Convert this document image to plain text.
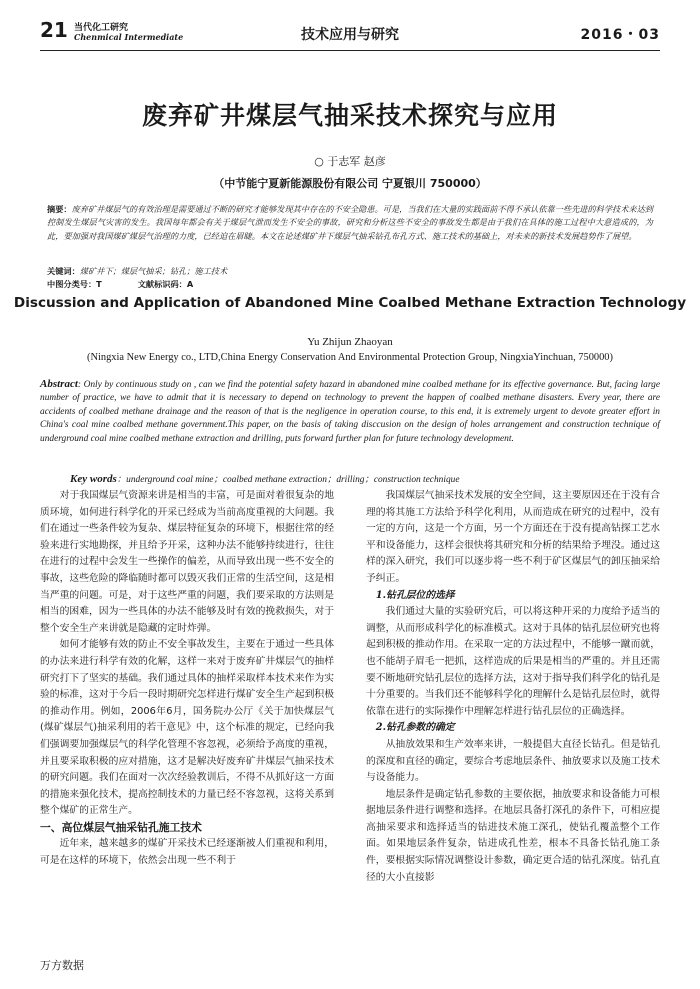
21 当代化工研究
Chenmical Intermediate	技术应用与研究	2016・03
废弃矿井煤层气抽采技术探究与应用
○ 于志军 赵彦
（中节能宁夏新能源股份有限公司 宁夏银川 750000）
摘要：废弃矿井煤层气的有效治理是需要通过不断的研究才能够发现其中存在的不安全隐患。可是，当我们在大量的实践面前不得不承认依靠一些先进的科学技术来达到控制发生煤层气灾害的发生。我国每年都会有关于煤层气泄而发生不安全的事故，研究和分析这些不安全的事故发生都是由于我们在具体的施工过程中大意造成的，为此，要加强对我国煤矿煤层气治理的力度，已经迫在眉睫。本文在论述煤矿井下煤层气抽采钻孔布孔方式、施工技术的基础上，对未来的新技术发展趋势作了展望。
关键词：煤矿井下；煤层气抽采；钻孔；施工技术
中图分类号：T	文献标识码：A
Discussion and Application of Abandoned Mine Coalbed Methane Extraction Technology
Yu Zhijun Zhaoyan
(Ningxia New Energy co., LTD,China Energy Conservation And Environmental Protection Group, NingxiaYinchuan, 750000)
Abstract: Only by continuous study on , can we find the potential safety hazard in abandoned mine coalbed methane for its effective governance. But, facing large number of practice, we have to admit that it is necessary to depend on technology to prevent the happen of coalbed methane disasters. Every year, there are accidents of coalbed methane drainage and the reason of that is the negligence in operation course, to this end, it is extremely urgent to devote greater effort in China's coal mine coalbed methane government.This paper, on the basis of taking disccusion on the design of holes arrangement and construction technique of underground coal mine coalbed methane extraction and drilling, puts forward further plan for future technology development.
Key words：underground coal mine；coalbed methane extraction；drilling；construction technique

对于我国煤层气资源来讲是相当的丰富，可是面对着很复杂的地质环境，如何进行科学化的开采已经成为当前高度重视的大问题。我们在通过一些条件较为复杂、煤层特征复杂的环境下，根据往常的经验来进行实地勘探，并且给予开采，这种办法不能够持续进行，往往在进行的过程中会发生一些操作的偏差，从而导致出现一些不安全的事故，这些危险的降临随时都可以毁灭我们正常的生活空间，这是相当严重的问题。可是，对于这些严重的问题，我们要采取的方法则是相当的困难，因为一些具体的办法不能够及时有效的挽救损失，对于整个安全生产来讲就是隐藏的定时炸弹。

如何才能够有效的防止不安全事故发生，主要在于通过一些具体的办法来进行科学有效的化解，这样一来对于废弃矿井煤层气的抽样研究打下了坚实的基础。我们通过具体的抽样采取样本技术来作为实验的标准，这对于今后一段时期研究怎样进行煤矿安全生产起到积极的推动作用。例如，2006年6月，国务院办公厅《关于加快煤层气(煤矿煤层气)抽采利用的若干意见》中，这个标准的规定，已经向我们强调要加强煤层气的科学化管理不容忽视，必须给予高度的重视，并且要采取积极的应对措施，这才是解决好废弃矿井煤层气抽采技术的研究问题。我们在面对一次次经验教训后，不得不从抓好这一方面的措施来强化技术，提高控制技术的力量已经不容忽视，这将关系到整个煤矿的正常生产。

一、高位煤层气抽采钻孔施工技术

近年来，越来越多的煤矿开采技术已经逐渐被人们重视和利用，可是在这样的环境下，依然会出现一些不利于

我国煤层气抽采技术发展的安全空间，这主要原因还在于没有合理的将其施工方法给予科学化利用，从而造成在研究的过程中，没有一定的方向，这是一个方面，另一个方面还在于没有提高钻探工艺水平和设备能力，这样会很快将其研究和分析的结果给予埋没。通过这样的深入研究，我们可以逐步将一些不利于矿区煤层气的卸压抽采给予纠正。

1.钻孔层位的选择

我们通过大量的实验研究后，可以将这种开采的力度给予适当的调整，从而形成科学化的标准模式。这对于具体的钻孔层位研究也将起到积极的推动作用。在采取一定的方法过程中，不能够一蹴而就，也不能胡子眉毛一把抓，这样造成的后果是相当的严重的。并且还需要不断地研究钻孔层位的选择方法，这对于指导我们科学化的钻孔是十分重要的。当我们还不能够科学化的理解什么是钻孔层位时，就得依靠在进行的实际操作中理解怎样进行钻孔层位的正确选择。

2.钻孔参数的确定

从抽放效果和生产效率来讲，一般提倡大直径长钻孔。但是钻孔的深度和直径的确定，要综合考虑地层条件、抽放要求以及施工技术与设备能力。

地层条件是确定钻孔参数的主要依据，抽放要求和设备能力可根据地层条件进行调整和选择。在地层具备打深孔的条件下，可相应提高抽采要求和选择适当的钻进技术施工深孔，使钻孔覆盖整个工作面。如果地层条件复杂，钻进成孔性差，根本不具备长钻孔施工条件，要根据实际情况调整设计参数，确定更合适的钻孔深度。钻孔直径的大小直接影

万方数据
